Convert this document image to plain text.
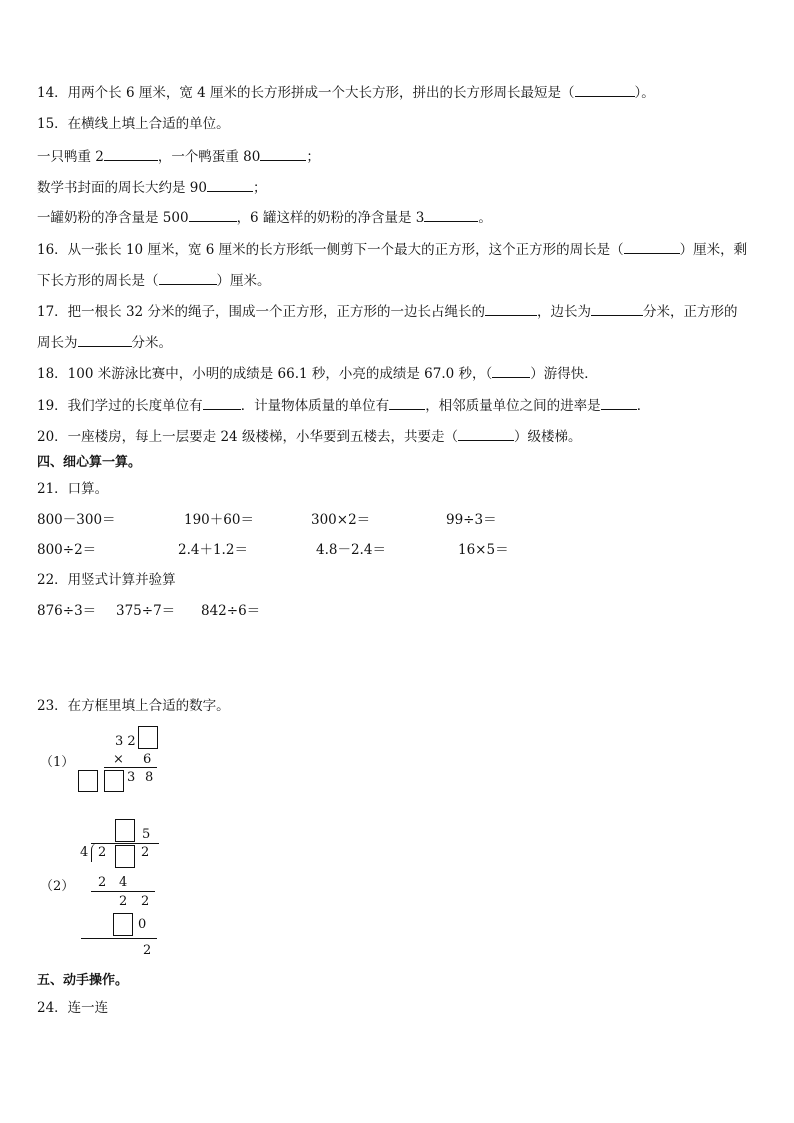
14．用两个长 6 厘米，宽 4 厘米的长方形拼成一个大长方形，拼出的长方形周长最短是（	）。
15．在横线上填上合适的单位。
一只鸭重 2	，一个鸭蛋重 80	；
数学书封面的周长大约是 90	；
一罐奶粉的净含量是 500	，6 罐这样的奶粉的净含量是 3	。
16．从一张长 10 厘米，宽 6 厘米的长方形纸一侧剪下一个最大的正方形，这个正方形的周长是（	）厘米，剩
下长方形的周长是（	）厘米。
17．把一根长 32 分米的绳子，围成一个正方形，正方形的一边长占绳长的	，边长为	分米，正方形的
周长为	分米。
18．100 米游泳比赛中，小明的成绩是 66.1 秒，小亮的成绩是 67.0 秒，（	）游得快．
19．我们学过的长度单位有	．计量物体质量的单位有	，相邻质量单位之间的进率是	．
20．一座楼房，每上一层要走 24 级楼梯，小华要到五楼去，共要走（	）级楼梯。
四、细心算一算。
21．口算。
800－300＝	190＋60＝	300×2＝	99÷3＝
800÷2＝	2.4＋1.2＝	4.8－2.4＝	16×5＝
22．用竖式计算并验算
876÷3＝ 375÷7＝ 842÷6＝
23．在方框里填上合适的数字。
（1）
3 2
× 6
3 8
（2）
5
4 2	2
2 4
2 2
0
2
五、动手操作。
24．连一连
